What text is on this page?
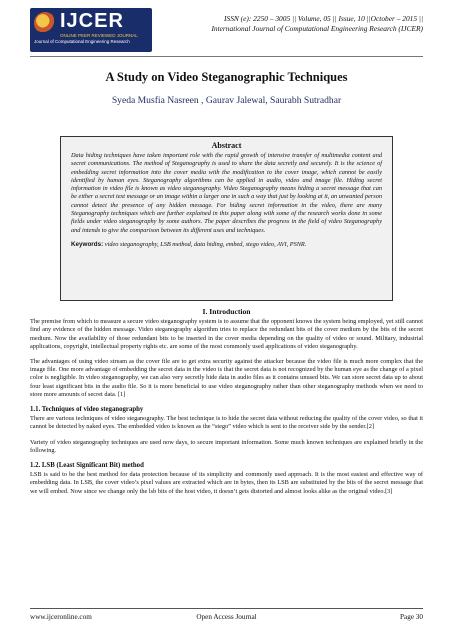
IJCER
ONLINE PEER REVIEWED JOURNAL
Journal of Computational Engineering Research
ISSN (e): 2250 – 3005 || Volume, 05 || Issue, 10 ||October – 2015 ||
International Journal of Computational Engineering Research (IJCER)
A Study on Video Steganographic Techniques
Syeda Musfia Nasreen , Gaurav Jalewal, Saurabh Sutradhar
Abstract
Data hiding techniques have taken important role with the rapid growth of intensive transfer of multimedia content and secret communications. The method of Steganography is used to share the data secretly and securely. It is the science of embedding secret information into the cover media with the modification to the cover image, which cannot be easily identified by human eyes. Steganography algorithms can be applied in audio, video and image file. Hiding secret information in video file is known as video steganography. Video Steganography means hiding a secret message that can be either a secret text message or an image within a larger one in such a way that just by looking at it, an unwanted person cannot detect the presence of any hidden message. For hiding secret information in the video, there are many Steganography techniques which are further explained in this paper along with some of the research works done in some fields under video steganography by some authors. The paper describes the progress in the field of video Steganography and intends to give the comparison between its different uses and techniques.
Keywords: video steganography, LSB method, data hiding, embed, stego video, AVI, PSNR.
I. Introduction

The premise from which to measure a secure video steganography system is to assume that the opponent knows the system being employed, yet still cannot find any evidence of the hidden message. Video steganography algorithm tries to replace the redundant bits of the cover medium by the bits of the secret medium. Now the availability of those redundant bits to be inserted in the cover media depending on the quality of video or sound. Military, industrial applications, copyright, intellectual property rights etc. are some of the most commonly used applications of video steganography.

The advantages of using video stream as the cover file are to get extra security against the attacker because the video file is much more complex that the image file. One more advantage of embedding the secret data in the video is that the secret data is not recognized by the human eye as the change of a pixel color is negligible. In video steganography, we can also very secretly hide data in audio files as it contains unused bits. We can store secret data up to about four least significant bits in the audio file. So it is more beneficial to use video steganography rather than other steganography methods when we need to store more amounts of secret data. [1]

1.1. Techniques of video steganography

There are various techniques of video steganography. The best technique is to hide the secret data without reducing the quality of the cover video, so that it cannot be detected by naked eyes. The embedded video is known as the “stego” video which is sent to the receiver side by the sender.[2]

Variety of video steganography techniques are used now days, to secure important information. Some much known techniques are explained briefly in the following.

1.2. LSB (Least Significant Bit) method

LSB is said to be the best method for data protection because of its simplicity and commonly used approach. It is the most easiest and effective way of embedding data. In LSB, the cover video’s pixel values are extracted which are in bytes, then its LSB are substituted by the bits of the secret message that we will embed. Now since we change only the lsb bits of the host video, it doesn’t gets distorted and almost looks alike as the original video.[3]

www.ijceronline.com	Open Access Journal	Page 30
